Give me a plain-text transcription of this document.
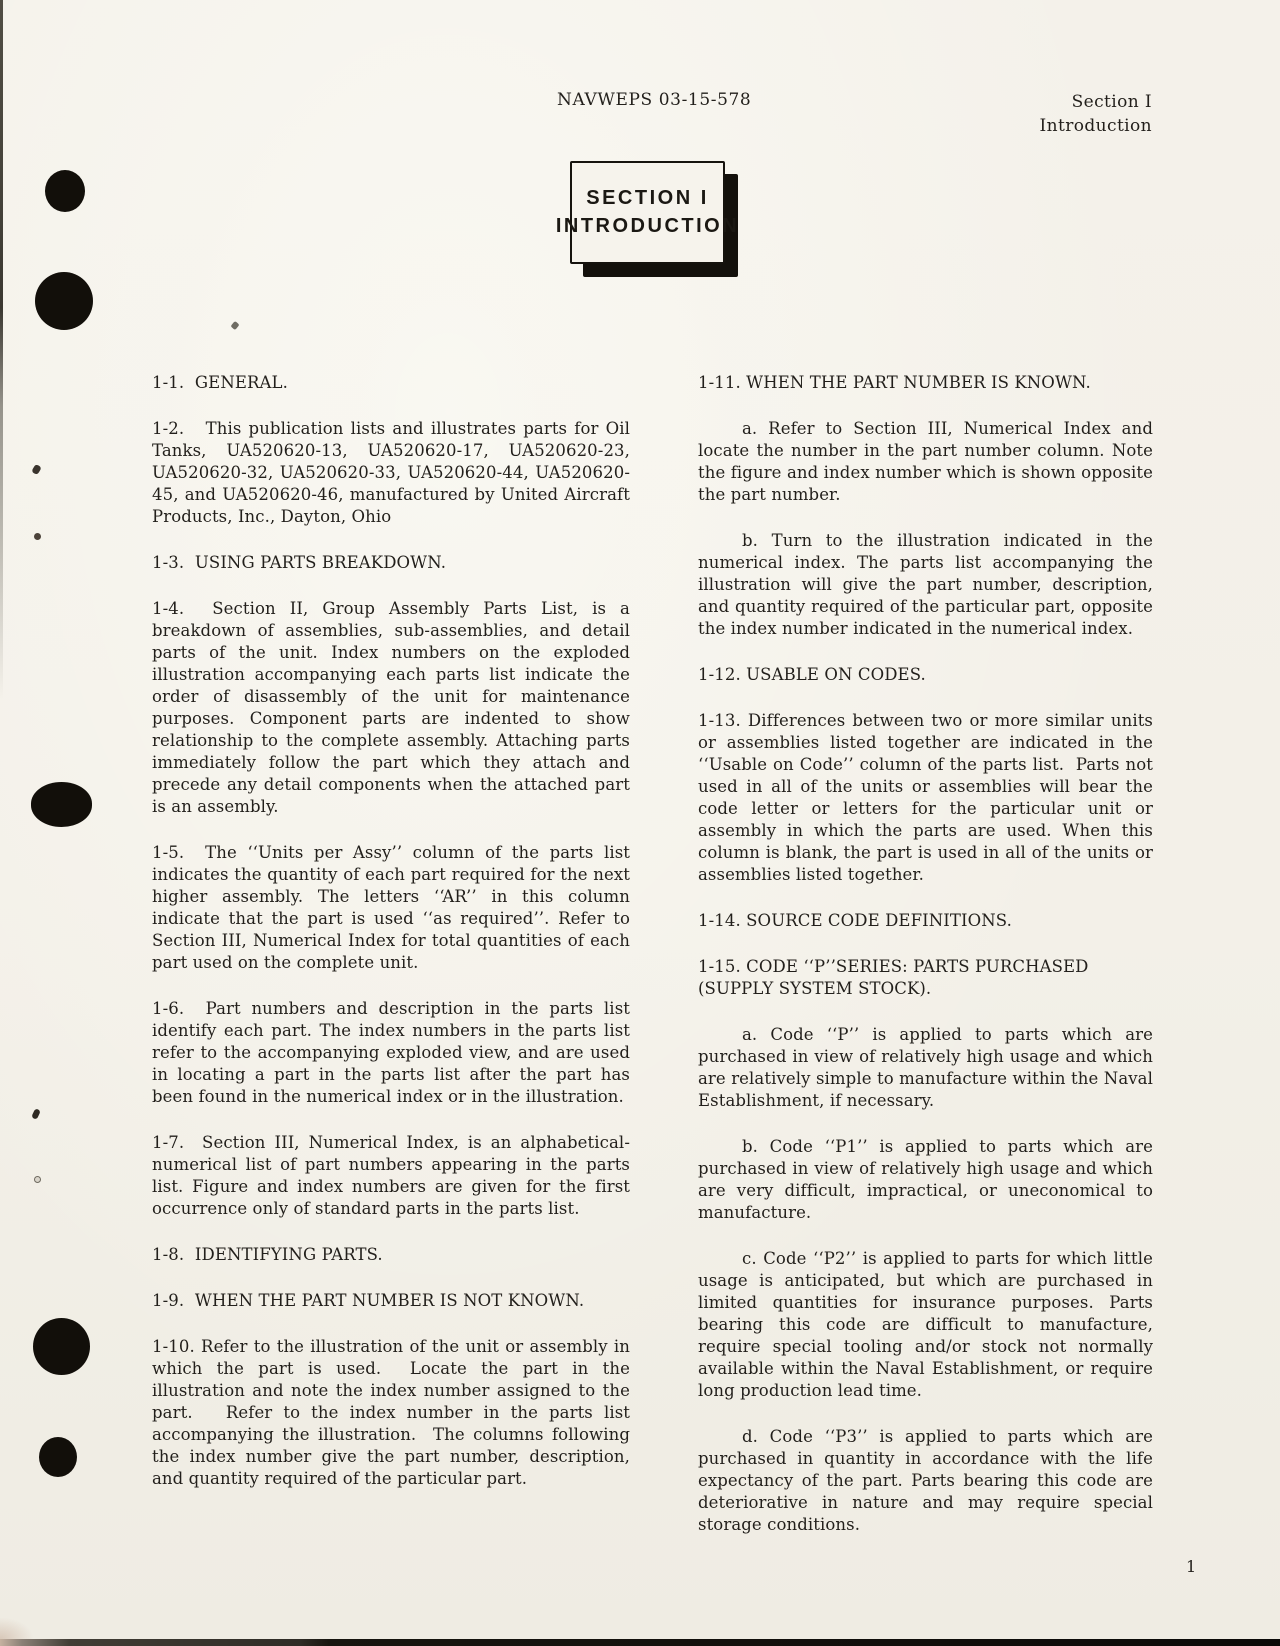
NAVWEPS 03-15-578	Section I
Introduction
SECTION I
INTRODUCTION

1-1.  GENERAL.

1-2.   This publication lists and illustrates parts for Oil Tanks, UA520620-13, UA520620-17, UA520620-23, UA520620-32, UA520620-33, UA520620-44, UA520620-45, and UA520620-46, manufactured by United Aircraft Products, Inc., Dayton, Ohio

1-3.  USING PARTS BREAKDOWN.

1-4.  Section II, Group Assembly Parts List, is a breakdown of assemblies, sub-assemblies, and detail parts of the unit. Index numbers on the exploded illustration accompanying each parts list indicate the order of disassembly of the unit for maintenance purposes. Component parts are indented to show relationship to the complete assembly. Attaching parts immediately follow the part which they attach and precede any detail components when the attached part is an assembly.

1-5.  The ‘‘Units per Assy’’ column of the parts list indicates the quantity of each part required for the next higher assembly. The letters ‘‘AR’’ in this column indicate that the part is used ‘‘as required’’. Refer to Section III, Numerical Index for total quantities of each part used on the complete unit.

1-6.  Part numbers and description in the parts list identify each part. The index numbers in the parts list refer to the accompanying exploded view, and are used in locating a part in the parts list after the part has been found in the numerical index or in the illustration.

1-7.  Section III, Numerical Index, is an alphabetical-numerical list of part numbers appearing in the parts list. Figure and index numbers are given for the first occurrence only of standard parts in the parts list.

1-8.  IDENTIFYING PARTS.

1-9.  WHEN THE PART NUMBER IS NOT KNOWN.

1-10. Refer to the illustration of the unit or assembly in which the part is used.  Locate the part in the illustration and note the index number assigned to the part.   Refer to the index number in the parts list accompanying the illustration.  The columns following the index number give the part number, description, and quantity required of the particular part.

1-11. WHEN THE PART NUMBER IS KNOWN.

a. Refer to Section III, Numerical Index and locate the number in the part number column. Note the figure and index number which is shown opposite the part number.

b. Turn to the illustration indicated in the numerical index. The parts list accompanying the illustration will give the part number, description, and quantity required of the particular part, opposite the index number indicated in the numerical index.

1-12. USABLE ON CODES.

1-13. Differences between two or more similar units or assemblies listed together are indicated in the ‘‘Usable on Code’’ column of the parts list.  Parts not used in all of the units or assemblies will bear the code letter or letters for the particular unit or assembly in which the parts are used. When this column is blank, the part is used in all of the units or assemblies listed together.

1-14. SOURCE CODE DEFINITIONS.

1-15. CODE ‘‘P’’SERIES: PARTS PURCHASED (SUPPLY SYSTEM STOCK).

a. Code ‘‘P’’ is applied to parts which are purchased in view of relatively high usage and which are relatively simple to manufacture within the Naval Establishment, if necessary.

b. Code ‘‘P1’’ is applied to parts which are purchased in view of relatively high usage and which are very difficult, impractical, or uneconomical to manufacture.

c. Code ‘‘P2’’ is applied to parts for which little usage is anticipated, but which are purchased in limited quantities for insurance purposes. Parts bearing this code are difficult to manufacture, require special tooling and/or stock not normally available within the Naval Establishment, or require long production lead time.

d. Code ‘‘P3’’ is applied to parts which are purchased in quantity in accordance with the life expectancy of the part. Parts bearing this code are deteriorative in nature and may require special storage conditions.

1
